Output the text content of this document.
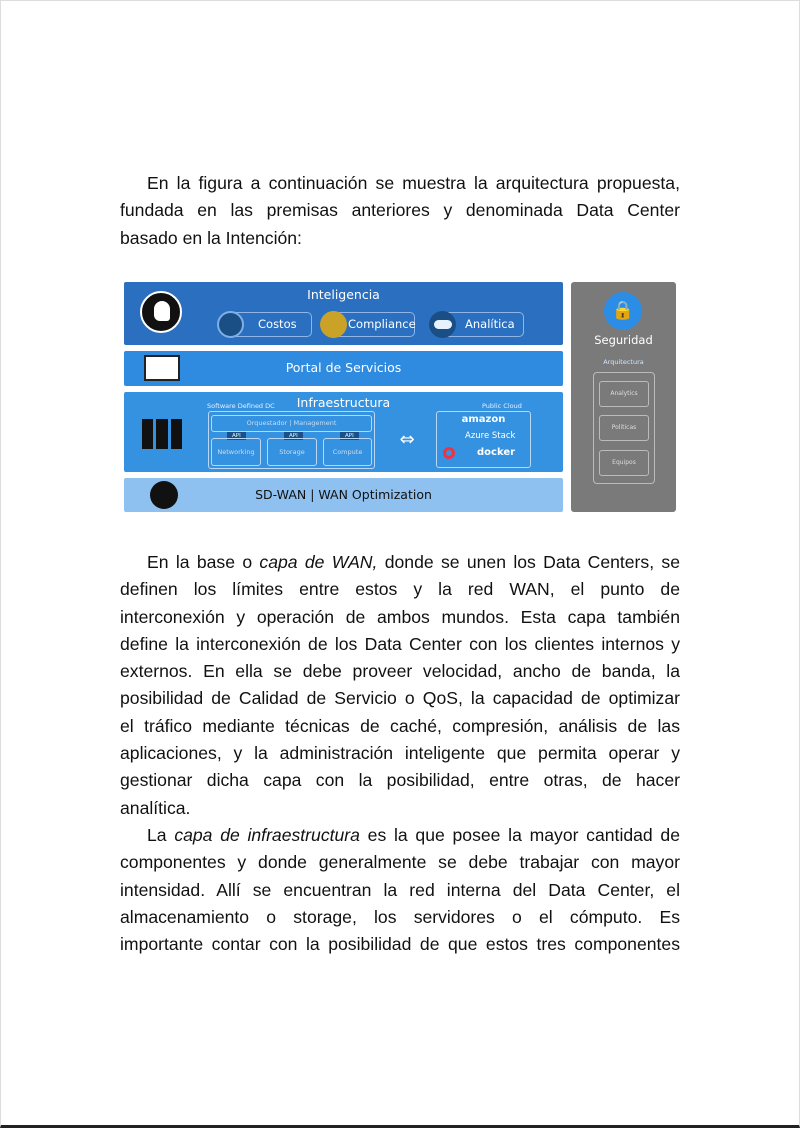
En la figura a continuación se muestra la arquitectura propuesta,
fundada en las premisas anteriores y denominada Data Center
basado en la Intención:
Inteligencia
Costos	Compliance	Analítica
Portal de Servicios
Infraestructura
Software Defined DC
Orquestador | Management
API	API	API
Networking	Storage	Compute
⇔
Public Cloud
amazon
Azure Stack
docker
SD-WAN | WAN Optimization
🔒
Seguridad
Arquitectura
Analytics
Politicas
Equipos
En la base o capa de WAN, donde se unen los Data Centers, se
definen los límites entre estos y la red WAN, el punto de
interconexión y operación de ambos mundos. Esta capa también
define la interconexión de los Data Center con los clientes internos y
externos. En ella se debe proveer velocidad, ancho de banda, la
posibilidad de Calidad de Servicio o QoS, la capacidad de optimizar
el tráfico mediante técnicas de caché, compresión, análisis de las
aplicaciones, y la administración inteligente que permita operar y
gestionar dicha capa con la posibilidad, entre otras, de hacer
analítica.
La capa de infraestructura es la que posee la mayor cantidad de
componentes y donde generalmente se debe trabajar con mayor
intensidad. Allí se encuentran la red interna del Data Center, el
almacenamiento o storage, los servidores o el cómputo. Es
importante contar con la posibilidad de que estos tres componentes
